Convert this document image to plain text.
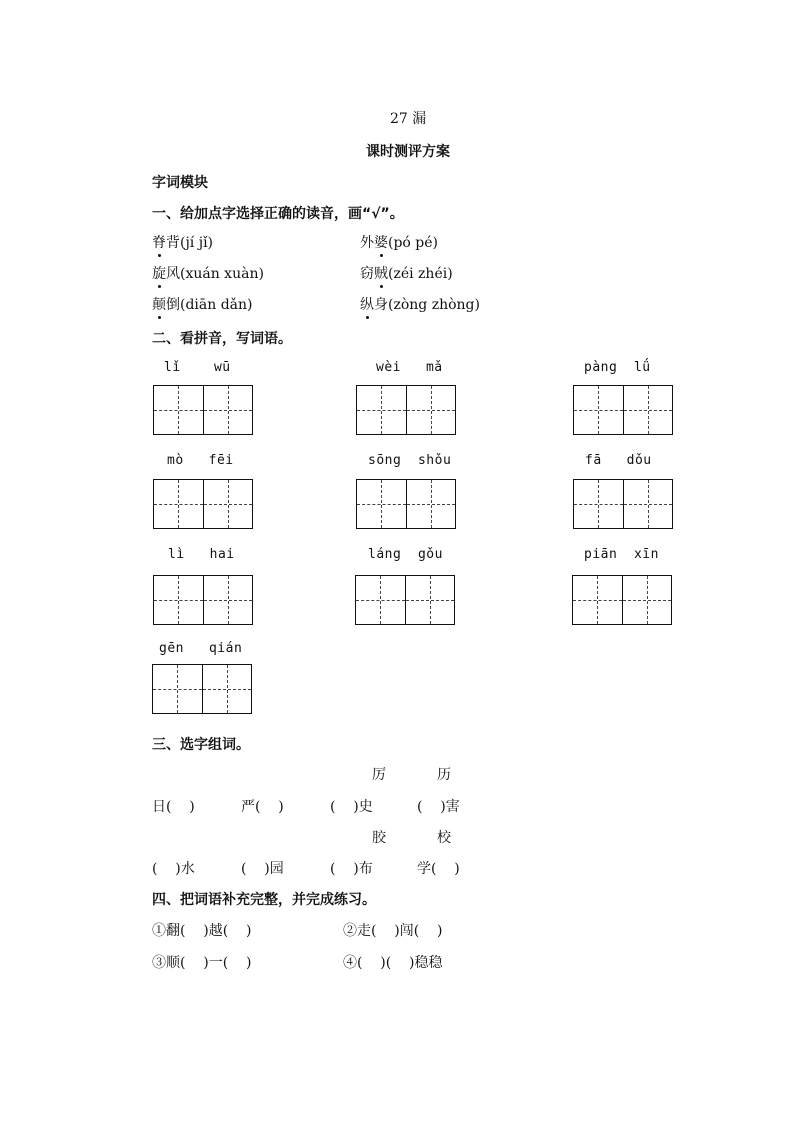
27 漏
课时测评方案
字词模块
一、给加点字选择正确的读音，画“√”。
脊背(jí jǐ)	外婆(pó pé)
旋风(xuán xuàn)	窃贼(zéi zhéi)
颠倒(diān dǎn)	纵身(zòng zhòng)
二、看拼音，写词语。
lǐ    wū	wèi   mǎ	pàng  lǘ
mò   fēi	sōng  shǒu	fā   dǒu
lì   hai	láng  gǒu	piān  xīn
gēn   qián
三、选字组词。
厉	历
日(    )	严(    )	(    )史	(    )害
胶	校
(    )水	(    )园	(    )布	学(    )
四、把词语补充完整，并完成练习。
①翻(    )越(    )	②走(    )闯(    )
③顺(    )一(    )	④(    )(    )稳稳
